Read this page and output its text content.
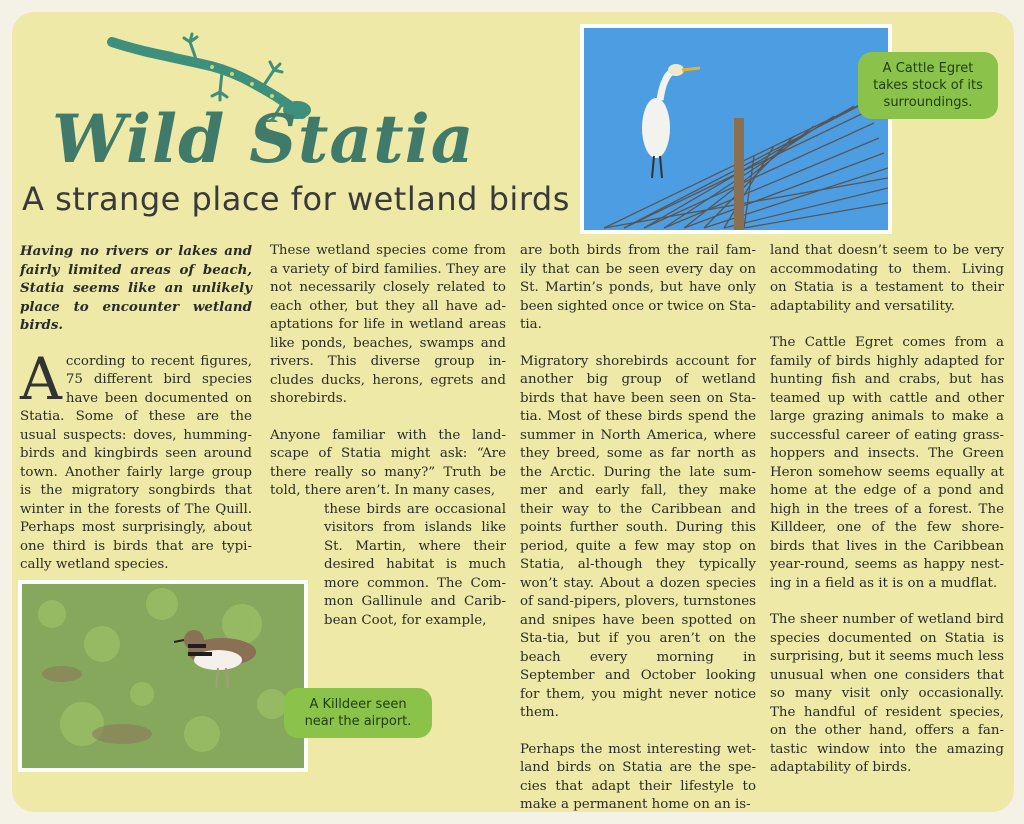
Wild Statia
A strange place for wetland birds
A Cattle Egret takes stock of its surroundings.
A Killdeer seen near the airport.

Having no rivers or lakes and fairly limited areas of beach, Statia seems like an unlikely place to encounter wetland birds.

According to recent figures, 75 different bird species have been documented on Statia. Some of these are the usual suspects: doves, humming-birds and kingbirds seen around town. Another fairly large group is the migratory songbirds that winter in the forests of The Quill. Perhaps most surprisingly, about one third is birds that are typi-cally wetland species.

These wetland species come from a variety of bird families. They are not necessarily closely related to each other, but they all have ad-aptations for life in wetland areas like ponds, beaches, swamps and rivers. This diverse group in-cludes ducks, herons, egrets and shorebirds.

Anyone familiar with the land-scape of Statia might ask: “Are there really so many?” Truth be told, there aren’t. In many cases,

these birds are occasional visitors from islands like St. Martin, where their desired habitat is much more common. The Com-mon Gallinule and Carib-bean Coot, for example,

are both birds from the rail fam-ily that can be seen every day on St. Martin’s ponds, but have only been sighted once or twice on Sta-tia.

Migratory shorebirds account for another big group of wetland birds that have been seen on Sta-tia. Most of these birds spend the summer in North America, where they breed, some as far north as the Arctic. During the late sum-mer and early fall, they make their way to the Caribbean and points further south. During this period, quite a few may stop on Statia, al-though they typically won’t stay. About a dozen species of sand-pipers, plovers, turnstones and snipes have been spotted on Sta-tia, but if you aren’t on the beach every morning in September and October looking for them, you might never notice them.

Perhaps the most interesting wet-land birds on Statia are the spe-cies that adapt their lifestyle to make a permanent home on an is-

land that doesn’t seem to be very accommodating to them. Living on Statia is a testament to their adaptability and versatility.

The Cattle Egret comes from a family of birds highly adapted for hunting fish and crabs, but has teamed up with cattle and other large grazing animals to make a successful career of eating grass-hoppers and insects. The Green Heron somehow seems equally at home at the edge of a pond and high in the trees of a forest. The Killdeer, one of the few shore-birds that lives in the Caribbean year-round, seems as happy nest-ing in a field as it is on a mudflat.

The sheer number of wetland bird species documented on Statia is surprising, but it seems much less unusual when one considers that so many visit only occasionally. The handful of resident species, on the other hand, offers a fan-tastic window into the amazing adaptability of birds.
